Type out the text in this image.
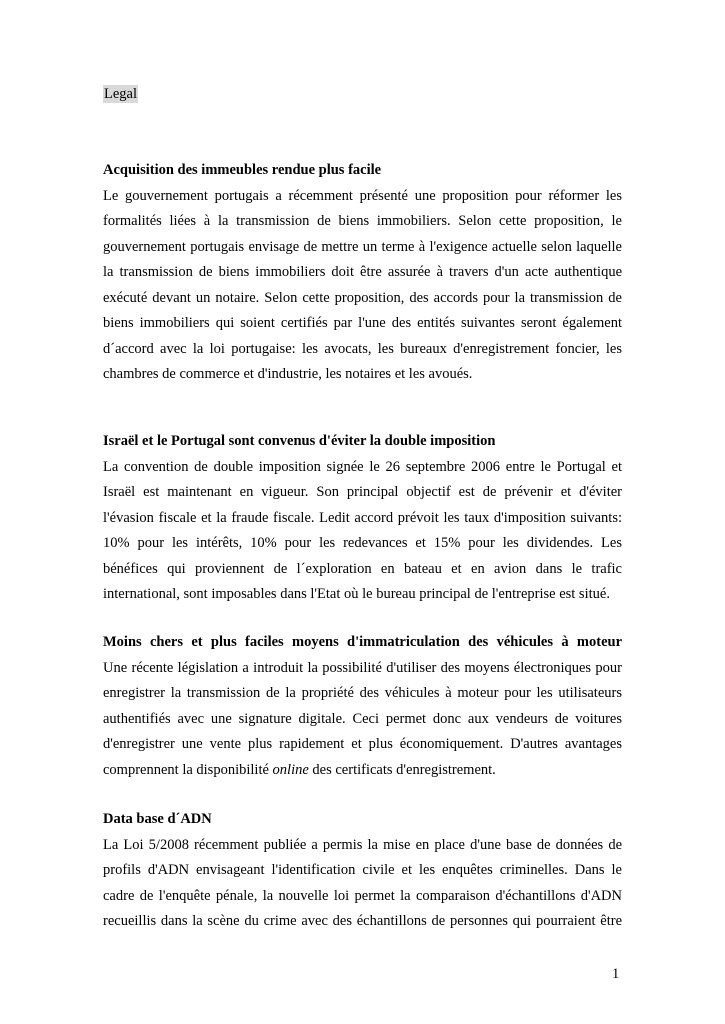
Legal
Acquisition des immeubles rendue plus facile

Le gouvernement portugais a récemment présenté une proposition pour réformer les
formalités liées à la transmission de biens immobiliers. Selon cette proposition, le
gouvernement portugais envisage de mettre un terme à l'exigence actuelle selon laquelle
la transmission de biens immobiliers doit être assurée à travers d'un acte authentique
exécuté devant un notaire. Selon cette proposition, des accords pour la transmission de
biens immobiliers qui soient certifiés par l'une des entités suivantes seront également
d´accord avec la loi portugaise: les avocats, les bureaux d'enregistrement foncier, les
chambres de commerce et d'industrie, les notaires et les avoués.

Israël et le Portugal sont convenus d'éviter la double imposition

La convention de double imposition signée le 26 septembre 2006 entre le Portugal et
Israël est maintenant en vigueur. Son principal objectif est de prévenir et d'éviter
l'évasion fiscale et la fraude fiscale. Ledit accord prévoit les taux d'imposition suivants:
10% pour les intérêts, 10% pour les redevances et 15% pour les dividendes. Les
bénéfices qui proviennent de l´exploration en bateau et en avion dans le trafic
international, sont imposables dans l'Etat où le bureau principal de l'entreprise est situé.

Moins chers et plus faciles moyens d'immatriculation des véhicules à moteur

Une récente législation a introduit la possibilité d'utiliser des moyens électroniques pour
enregistrer la transmission de la propriété des véhicules à moteur pour les utilisateurs
authentifiés avec une signature digitale. Ceci permet donc aux vendeurs de voitures
d'enregistrer une vente plus rapidement et plus économiquement. D'autres avantages
comprennent la disponibilité online des certificats d'enregistrement.

Data base d´ADN

La Loi 5/2008 récemment publiée a permis la mise en place d'une base de données de
profils d'ADN envisageant l'identification civile et les enquêtes criminelles. Dans le
cadre de l'enquête pénale, la nouvelle loi permet la comparaison d'échantillons d'ADN
recueillis dans la scène du crime avec des échantillons de personnes qui pourraient être

1
